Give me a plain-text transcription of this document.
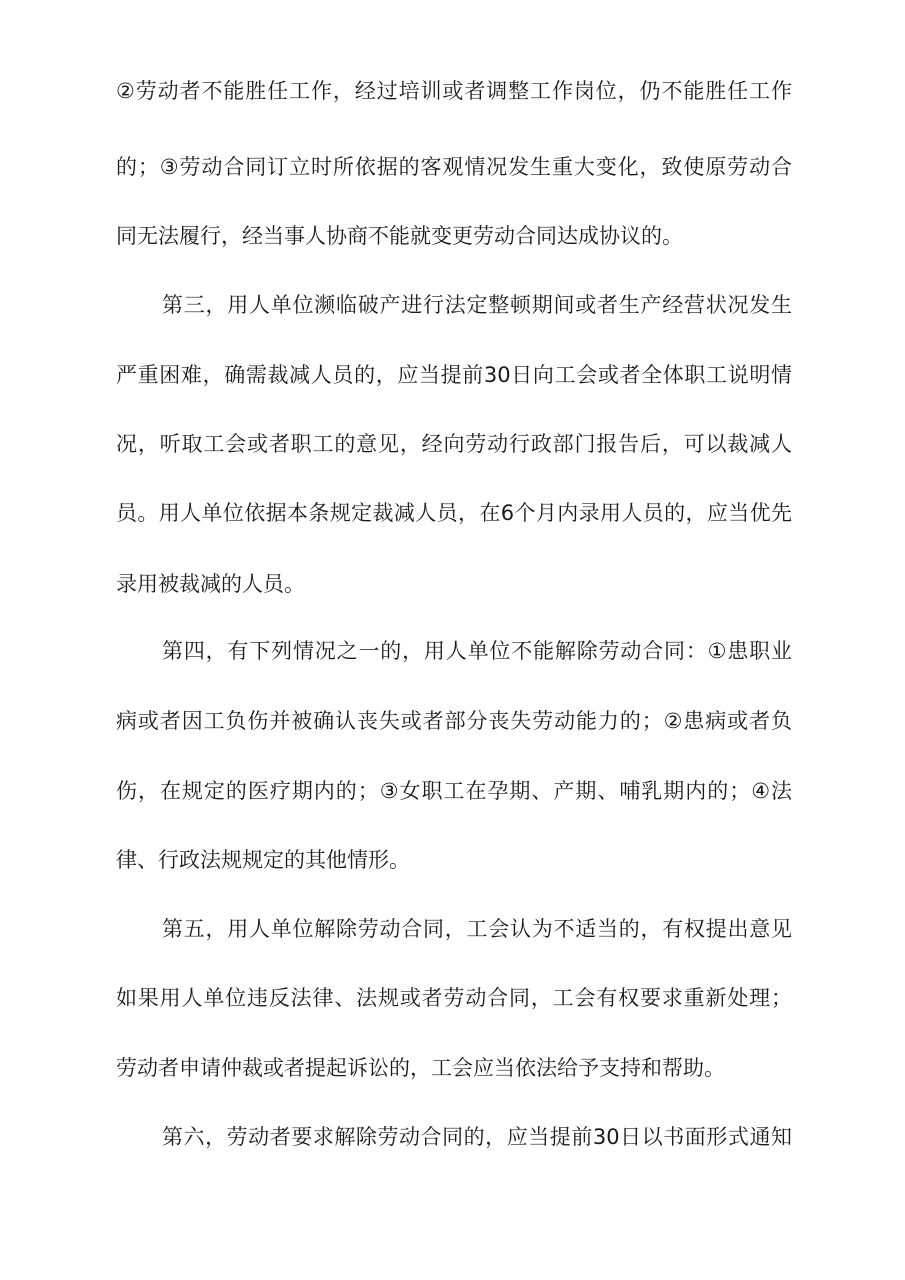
②劳动者不能胜任工作，经过培训或者调整工作岗位，仍不能胜任工作
的；③劳动合同订立时所依据的客观情况发生重大变化，致使原劳动合
同无法履行，经当事人协商不能就变更劳动合同达成协议的。
第三，用人单位濒临破产进行法定整顿期间或者生产经营状况发生
严重困难，确需裁减人员的，应当提前30日向工会或者全体职工说明情
况，听取工会或者职工的意见，经向劳动行政部门报告后，可以裁减人
员。用人单位依据本条规定裁减人员，在6个月内录用人员的，应当优先
录用被裁减的人员。
第四，有下列情况之一的，用人单位不能解除劳动合同：①患职业
病或者因工负伤并被确认丧失或者部分丧失劳动能力的；②患病或者负
伤，在规定的医疗期内的；③女职工在孕期、产期、哺乳期内的；④法
律、行政法规规定的其他情形。
第五，用人单位解除劳动合同，工会认为不适当的，有权提出意见
如果用人单位违反法律、法规或者劳动合同，工会有权要求重新处理；
劳动者申请仲裁或者提起诉讼的，工会应当依法给予支持和帮助。
第六，劳动者要求解除劳动合同的，应当提前30日以书面形式通知
